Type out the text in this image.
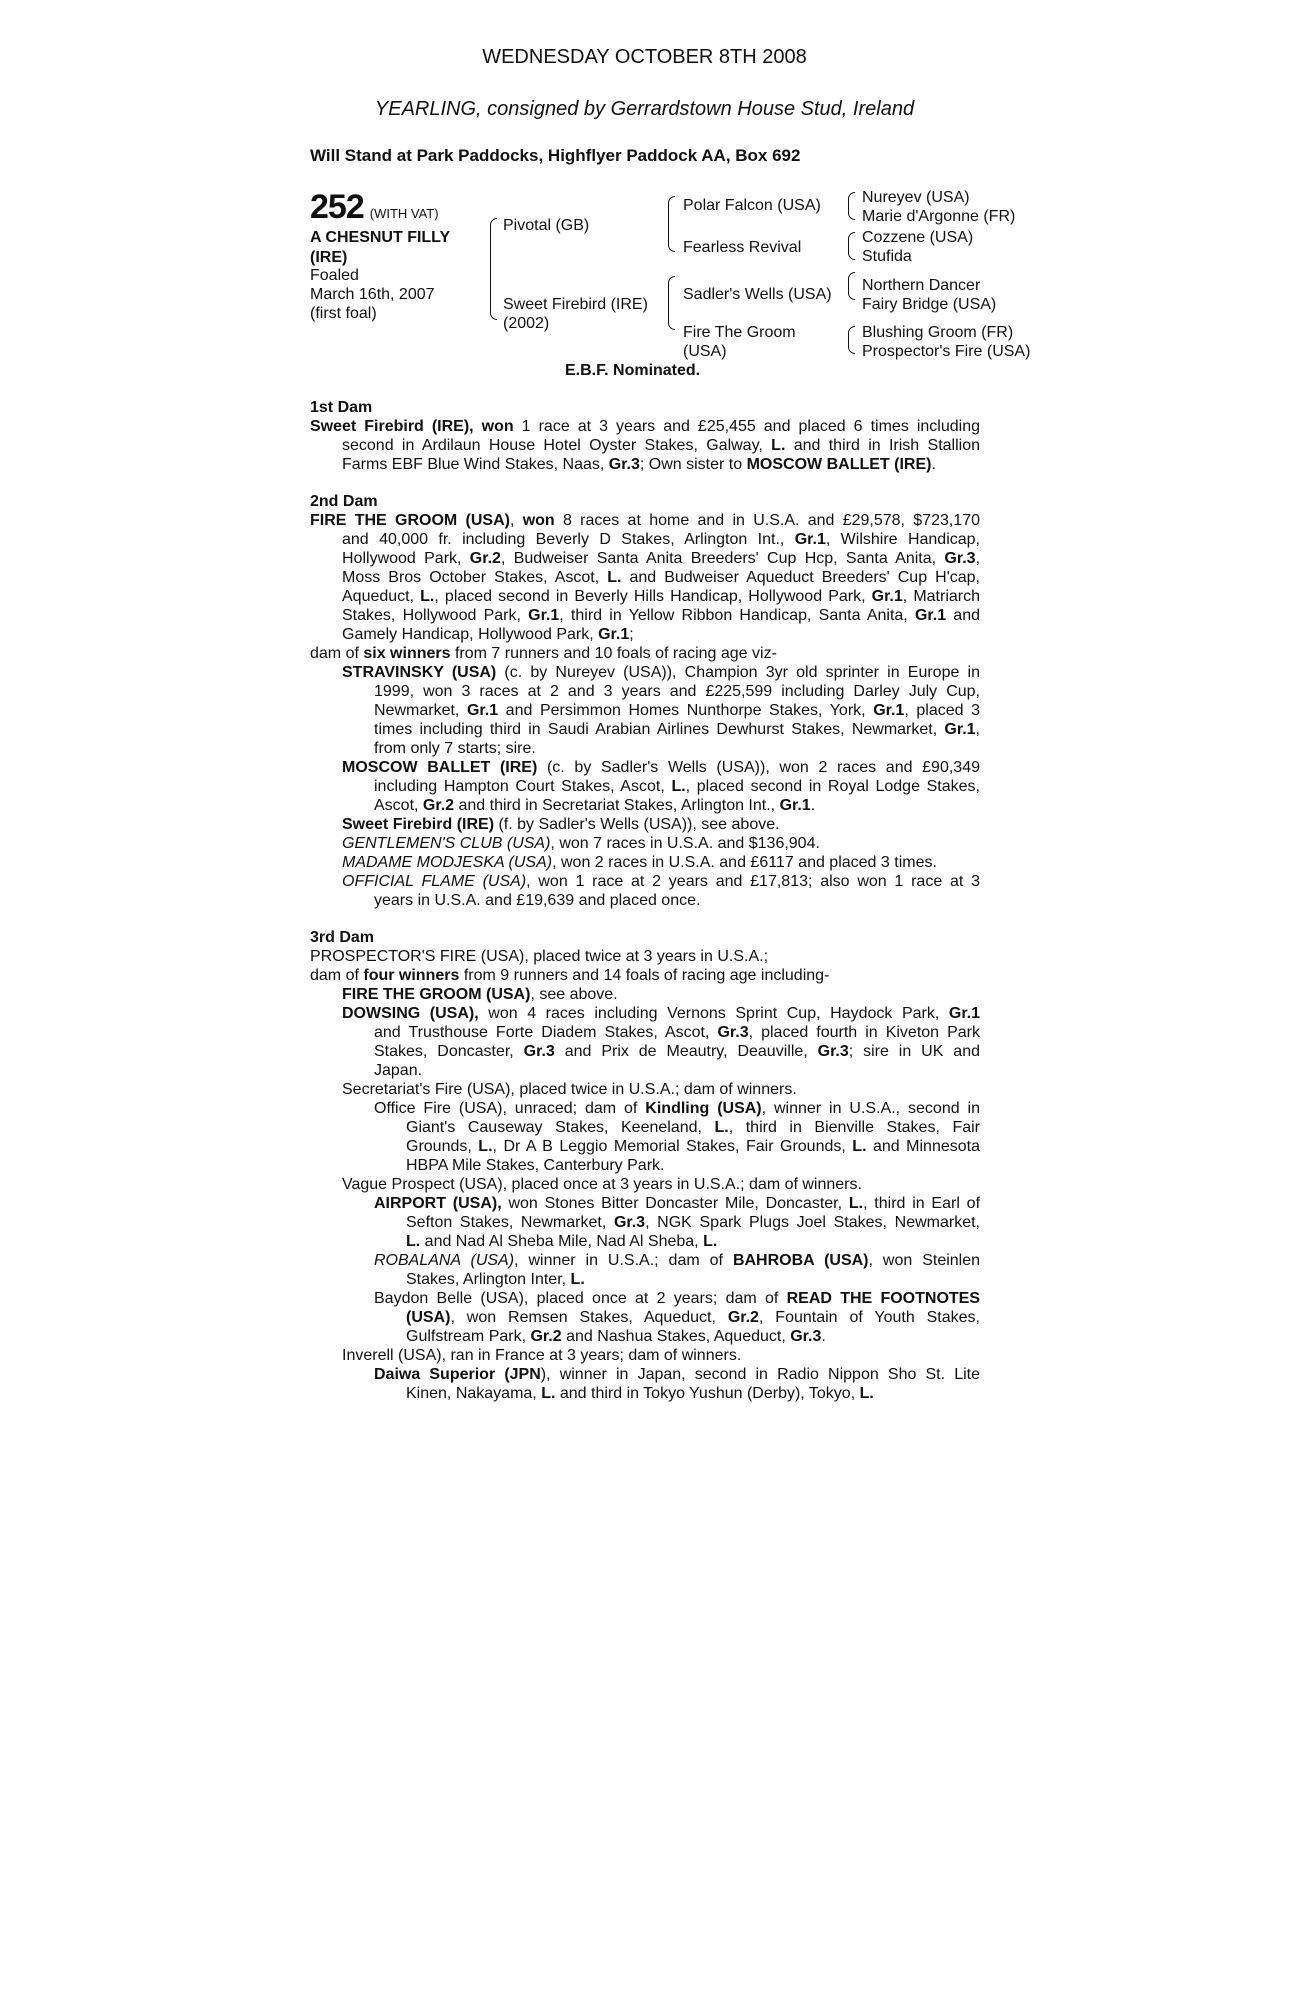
WEDNESDAY OCTOBER 8TH 2008
YEARLING, consigned by Gerrardstown House Stud, Ireland
Will Stand at Park Paddocks, Highflyer Paddock AA, Box 692
252 (WITH VAT)
A CHESNUT FILLY
(IRE)
Foaled
March 16th, 2007
(first foal)
Pivotal (GB)
Sweet Firebird (IRE)
(2002)
Polar Falcon (USA)
Fearless Revival
Sadler's Wells (USA)
Fire The Groom
(USA)
Nureyev (USA)
Marie d'Argonne (FR)
Cozzene (USA)
Stufida
Northern Dancer
Fairy Bridge (USA)
Blushing Groom (FR)
Prospector's Fire (USA)
E.B.F. Nominated.
1st Dam
Sweet Firebird (IRE), won 1 race at 3 years and £25,455 and placed 6 times including
second in Ardilaun House Hotel Oyster Stakes, Galway, L. and third in Irish Stallion
Farms EBF Blue Wind Stakes, Naas, Gr.3; Own sister to MOSCOW BALLET (IRE).
2nd Dam
FIRE THE GROOM (USA), won 8 races at home and in U.S.A. and £29,578, $723,170
and 40,000 fr. including Beverly D Stakes, Arlington Int., Gr.1, Wilshire Handicap,
Hollywood Park, Gr.2, Budweiser Santa Anita Breeders' Cup Hcp, Santa Anita, Gr.3,
Moss Bros October Stakes, Ascot, L. and Budweiser Aqueduct Breeders' Cup H'cap,
Aqueduct, L., placed second in Beverly Hills Handicap, Hollywood Park, Gr.1, Matriarch
Stakes, Hollywood Park, Gr.1, third in Yellow Ribbon Handicap, Santa Anita, Gr.1 and
Gamely Handicap, Hollywood Park, Gr.1;
dam of six winners from 7 runners and 10 foals of racing age viz-
STRAVINSKY (USA) (c. by Nureyev (USA)), Champion 3yr old sprinter in Europe in
1999, won 3 races at 2 and 3 years and £225,599 including Darley July Cup,
Newmarket, Gr.1 and Persimmon Homes Nunthorpe Stakes, York, Gr.1, placed 3
times including third in Saudi Arabian Airlines Dewhurst Stakes, Newmarket, Gr.1,
from only 7 starts; sire.
MOSCOW BALLET (IRE) (c. by Sadler's Wells (USA)), won 2 races and £90,349
including Hampton Court Stakes, Ascot, L., placed second in Royal Lodge Stakes,
Ascot, Gr.2 and third in Secretariat Stakes, Arlington Int., Gr.1.
Sweet Firebird (IRE) (f. by Sadler's Wells (USA)), see above.
GENTLEMEN'S CLUB (USA), won 7 races in U.S.A. and $136,904.
MADAME MODJESKA (USA), won 2 races in U.S.A. and £6117 and placed 3 times.
OFFICIAL FLAME (USA), won 1 race at 2 years and £17,813; also won 1 race at 3
years in U.S.A. and £19,639 and placed once.
3rd Dam
PROSPECTOR'S FIRE (USA), placed twice at 3 years in U.S.A.;
dam of four winners from 9 runners and 14 foals of racing age including-
FIRE THE GROOM (USA), see above.
DOWSING (USA), won 4 races including Vernons Sprint Cup, Haydock Park, Gr.1
and Trusthouse Forte Diadem Stakes, Ascot, Gr.3, placed fourth in Kiveton Park
Stakes, Doncaster, Gr.3 and Prix de Meautry, Deauville, Gr.3; sire in UK and
Japan.
Secretariat's Fire (USA), placed twice in U.S.A.; dam of winners.
Office Fire (USA), unraced; dam of Kindling (USA), winner in U.S.A., second in
Giant's Causeway Stakes, Keeneland, L., third in Bienville Stakes, Fair
Grounds, L., Dr A B Leggio Memorial Stakes, Fair Grounds, L. and Minnesota
HBPA Mile Stakes, Canterbury Park.
Vague Prospect (USA), placed once at 3 years in U.S.A.; dam of winners.
AIRPORT (USA), won Stones Bitter Doncaster Mile, Doncaster, L., third in Earl of
Sefton Stakes, Newmarket, Gr.3, NGK Spark Plugs Joel Stakes, Newmarket,
L. and Nad Al Sheba Mile, Nad Al Sheba, L.
ROBALANA (USA), winner in U.S.A.; dam of BAHROBA (USA), won Steinlen
Stakes, Arlington Inter, L.
Baydon Belle (USA), placed once at 2 years; dam of READ THE FOOTNOTES
(USA), won Remsen Stakes, Aqueduct, Gr.2, Fountain of Youth Stakes,
Gulfstream Park, Gr.2 and Nashua Stakes, Aqueduct, Gr.3.
Inverell (USA), ran in France at 3 years; dam of winners.
Daiwa Superior (JPN), winner in Japan, second in Radio Nippon Sho St. Lite
Kinen, Nakayama, L. and third in Tokyo Yushun (Derby), Tokyo, L.
